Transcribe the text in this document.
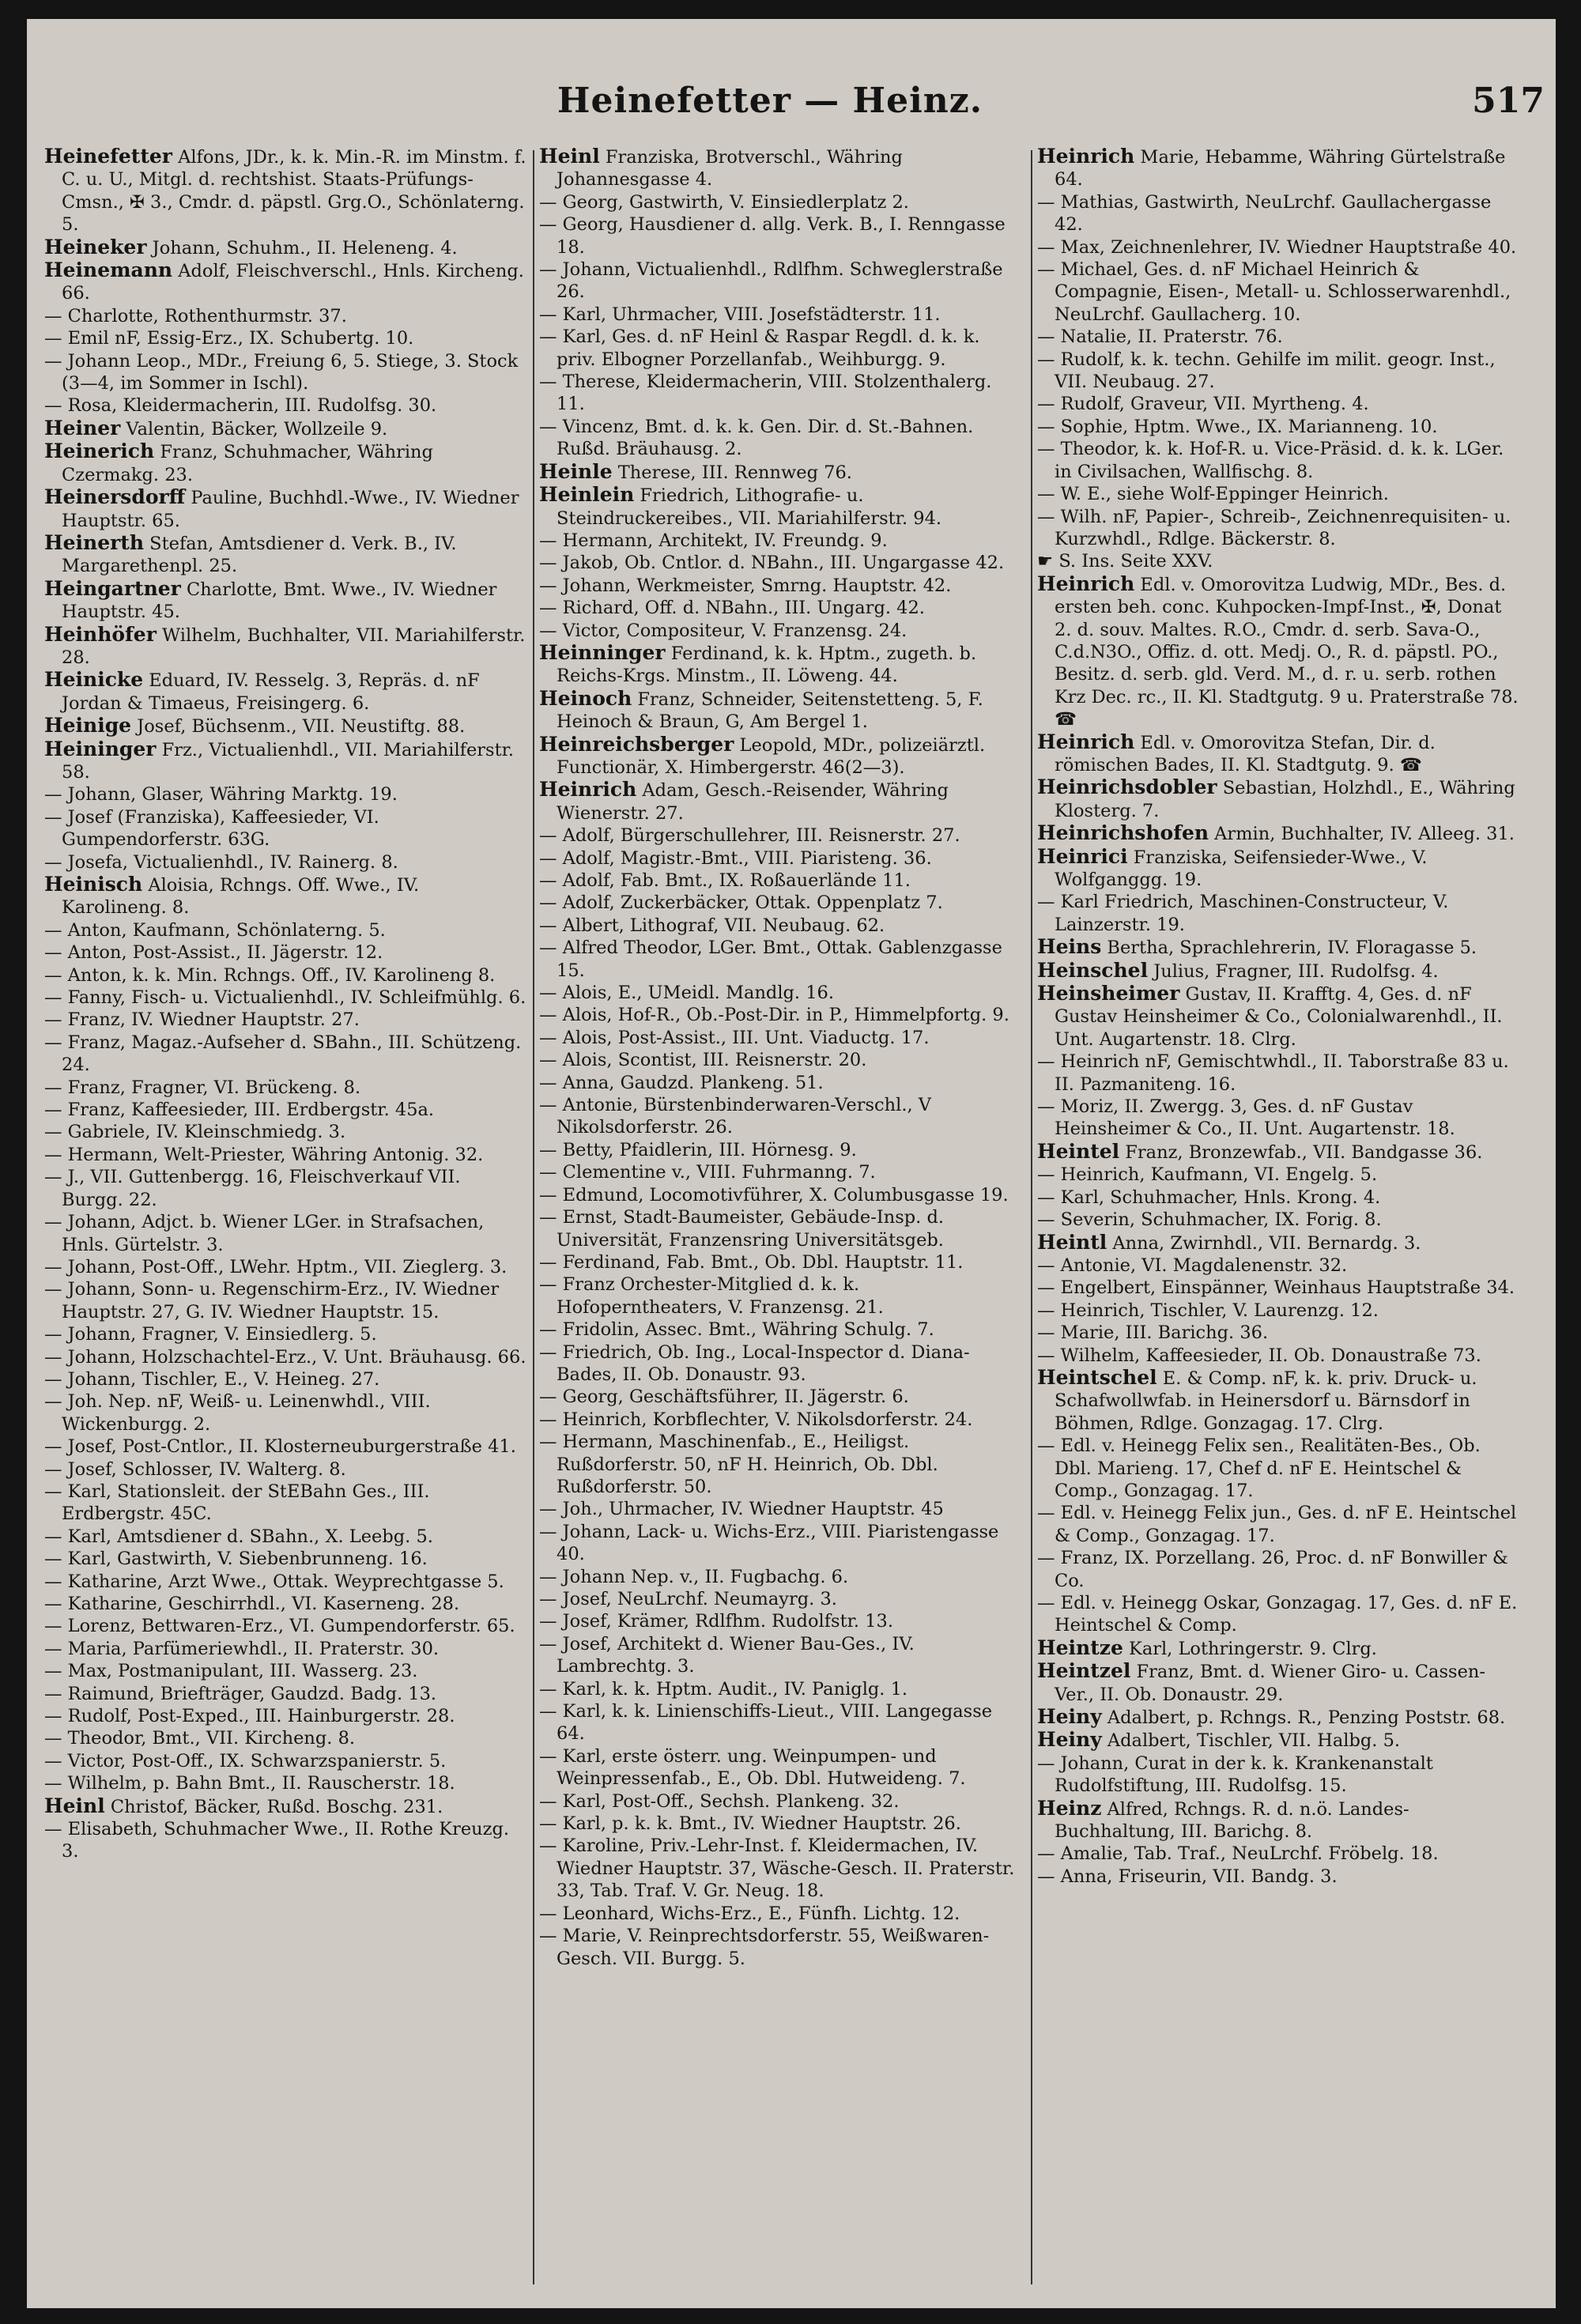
Heinefetter — Heinz.	517
Heinefetter Alfons, JDr., k. k. Min.-R. im Minstm. f. C. u. U., Mitgl. d. rechtshist. Staats-Prüfungs-Cmsn., ✠ 3., Cmdr. d. päpstl. Grg.O., Schönlaterng. 5.
Heineker Johann, Schuhm., II. Heleneng. 4.
Heinemann Adolf, Fleischverschl., Hnls. Kircheng. 66.
— Charlotte, Rothenthurmstr. 37.
— Emil nF, Essig-Erz., IX. Schubertg. 10.
— Johann Leop., MDr., Freiung 6, 5. Stiege, 3. Stock (3—4, im Sommer in Ischl).
— Rosa, Kleidermacherin, III. Rudolfsg. 30.
Heiner Valentin, Bäcker, Wollzeile 9.
Heinerich Franz, Schuhmacher, Währing Czermakg. 23.
Heinersdorff Pauline, Buchhdl.-Wwe., IV. Wiedner Hauptstr. 65.
Heinerth Stefan, Amtsdiener d. Verk. B., IV. Margarethenpl. 25.
Heingartner Charlotte, Bmt. Wwe., IV. Wiedner Hauptstr. 45.
Heinhöfer Wilhelm, Buchhalter, VII. Mariahilferstr. 28.
Heinicke Eduard, IV. Resselg. 3, Repräs. d. nF Jordan & Timaeus, Freisingerg. 6.
Heinige Josef, Büchsenm., VII. Neustiftg. 88.
Heininger Frz., Victualienhdl., VII. Mariahilferstr. 58.
— Johann, Glaser, Währing Marktg. 19.
— Josef (Franziska), Kaffeesieder, VI. Gumpendorferstr. 63G.
— Josefa, Victualienhdl., IV. Rainerg. 8.
Heinisch Aloisia, Rchngs. Off. Wwe., IV. Karolineng. 8.
— Anton, Kaufmann, Schönlaterng. 5.
— Anton, Post-Assist., II. Jägerstr. 12.
— Anton, k. k. Min. Rchngs. Off., IV. Karolineng 8.
— Fanny, Fisch- u. Victualienhdl., IV. Schleifmühlg. 6.
— Franz, IV. Wiedner Hauptstr. 27.
— Franz, Magaz.-Aufseher d. SBahn., III. Schützeng. 24.
— Franz, Fragner, VI. Brückeng. 8.
— Franz, Kaffeesieder, III. Erdbergstr. 45a.
— Gabriele, IV. Kleinschmiedg. 3.
— Hermann, Welt-Priester, Währing Antonig. 32.
— J., VII. Guttenbergg. 16, Fleischverkauf VII. Burgg. 22.
— Johann, Adjct. b. Wiener LGer. in Strafsachen, Hnls. Gürtelstr. 3.
— Johann, Post-Off., LWehr. Hptm., VII. Zieglerg. 3.
— Johann, Sonn- u. Regenschirm-Erz., IV. Wiedner Hauptstr. 27, G. IV. Wiedner Hauptstr. 15.
— Johann, Fragner, V. Einsiedlerg. 5.
— Johann, Holzschachtel-Erz., V. Unt. Bräuhausg. 66.
— Johann, Tischler, E., V. Heineg. 27.
— Joh. Nep. nF, Weiß- u. Leinenwhdl., VIII. Wickenburgg. 2.
— Josef, Post-Cntlor., II. Klosterneuburgerstraße 41.
— Josef, Schlosser, IV. Walterg. 8.
— Karl, Stationsleit. der StEBahn Ges., III. Erdbergstr. 45C.
— Karl, Amtsdiener d. SBahn., X. Leebg. 5.
— Karl, Gastwirth, V. Siebenbrunneng. 16.
— Katharine, Arzt Wwe., Ottak. Weyprechtgasse 5.
— Katharine, Geschirrhdl., VI. Kaserneng. 28.
— Lorenz, Bettwaren-Erz., VI. Gumpendorferstr. 65.
— Maria, Parfümeriewhdl., II. Praterstr. 30.
— Max, Postmanipulant, III. Wasserg. 23.
— Raimund, Briefträger, Gaudzd. Badg. 13.
— Rudolf, Post-Exped., III. Hainburgerstr. 28.
— Theodor, Bmt., VII. Kircheng. 8.
— Victor, Post-Off., IX. Schwarzspanierstr. 5.
— Wilhelm, p. Bahn Bmt., II. Rauscherstr. 18.
Heinl Christof, Bäcker, Rußd. Boschg. 231.
— Elisabeth, Schuhmacher Wwe., II. Rothe Kreuzg. 3.
Heinl Franziska, Brotverschl., Währing Johannesgasse 4.
— Georg, Gastwirth, V. Einsiedlerplatz 2.
— Georg, Hausdiener d. allg. Verk. B., I. Renngasse 18.
— Johann, Victualienhdl., Rdlfhm. Schweglerstraße 26.
— Karl, Uhrmacher, VIII. Josefstädterstr. 11.
— Karl, Ges. d. nF Heinl & Raspar Regdl. d. k. k. priv. Elbogner Porzellanfab., Weihburgg. 9.
— Therese, Kleidermacherin, VIII. Stolzenthalerg. 11.
— Vincenz, Bmt. d. k. k. Gen. Dir. d. St.-Bahnen. Rußd. Bräuhausg. 2.
Heinle Therese, III. Rennweg 76.
Heinlein Friedrich, Lithografie- u. Steindruckereibes., VII. Mariahilferstr. 94.
— Hermann, Architekt, IV. Freundg. 9.
— Jakob, Ob. Cntlor. d. NBahn., III. Ungargasse 42.
— Johann, Werkmeister, Smrng. Hauptstr. 42.
— Richard, Off. d. NBahn., III. Ungarg. 42.
— Victor, Compositeur, V. Franzensg. 24.
Heinninger Ferdinand, k. k. Hptm., zugeth. b. Reichs-Krgs. Minstm., II. Löweng. 44.
Heinoch Franz, Schneider, Seitenstetteng. 5, F. Heinoch & Braun, G, Am Bergel 1.
Heinreichsberger Leopold, MDr., polizeiärztl. Functionär, X. Himbergerstr. 46(2—3).
Heinrich Adam, Gesch.-Reisender, Währing Wienerstr. 27.
— Adolf, Bürgerschullehrer, III. Reisnerstr. 27.
— Adolf, Magistr.-Bmt., VIII. Piaristeng. 36.
— Adolf, Fab. Bmt., IX. Roßauerlände 11.
— Adolf, Zuckerbäcker, Ottak. Oppenplatz 7.
— Albert, Lithograf, VII. Neubaug. 62.
— Alfred Theodor, LGer. Bmt., Ottak. Gablenzgasse 15.
— Alois, E., UMeidl. Mandlg. 16.
— Alois, Hof-R., Ob.-Post-Dir. in P., Himmelpfortg. 9.
— Alois, Post-Assist., III. Unt. Viaductg. 17.
— Alois, Scontist, III. Reisnerstr. 20.
— Anna, Gaudzd. Plankeng. 51.
— Antonie, Bürstenbinderwaren-Verschl., V Nikolsdorferstr. 26.
— Betty, Pfaidlerin, III. Hörnesg. 9.
— Clementine v., VIII. Fuhrmanng. 7.
— Edmund, Locomotivführer, X. Columbusgasse 19.
— Ernst, Stadt-Baumeister, Gebäude-Insp. d. Universität, Franzensring Universitätsgeb.
— Ferdinand, Fab. Bmt., Ob. Dbl. Hauptstr. 11.
— Franz Orchester-Mitglied d. k. k. Hofoperntheaters, V. Franzensg. 21.
— Fridolin, Assec. Bmt., Währing Schulg. 7.
— Friedrich, Ob. Ing., Local-Inspector d. Diana-Bades, II. Ob. Donaustr. 93.
— Georg, Geschäftsführer, II. Jägerstr. 6.
— Heinrich, Korbflechter, V. Nikolsdorferstr. 24.
— Hermann, Maschinenfab., E., Heiligst. Rußdorferstr. 50, nF H. Heinrich, Ob. Dbl. Rußdorferstr. 50.
— Joh., Uhrmacher, IV. Wiedner Hauptstr. 45
— Johann, Lack- u. Wichs-Erz., VIII. Piaristengasse 40.
— Johann Nep. v., II. Fugbachg. 6.
— Josef, NeuLrchf. Neumayrg. 3.
— Josef, Krämer, Rdlfhm. Rudolfstr. 13.
— Josef, Architekt d. Wiener Bau-Ges., IV. Lambrechtg. 3.
— Karl, k. k. Hptm. Audit., IV. Paniglg. 1.
— Karl, k. k. Linienschiffs-Lieut., VIII. Langegasse 64.
— Karl, erste österr. ung. Weinpumpen- und Weinpressenfab., E., Ob. Dbl. Hutweideng. 7.
— Karl, Post-Off., Sechsh. Plankeng. 32.
— Karl, p. k. k. Bmt., IV. Wiedner Hauptstr. 26.
— Karoline, Priv.-Lehr-Inst. f. Kleidermachen, IV. Wiedner Hauptstr. 37, Wäsche-Gesch. II. Praterstr. 33, Tab. Traf. V. Gr. Neug. 18.
— Leonhard, Wichs-Erz., E., Fünfh. Lichtg. 12.
— Marie, V. Reinprechtsdorferstr. 55, Weißwaren-Gesch. VII. Burgg. 5.
Heinrich Marie, Hebamme, Währing Gürtelstraße 64.
— Mathias, Gastwirth, NeuLrchf. Gaullachergasse 42.
— Max, Zeichnenlehrer, IV. Wiedner Hauptstraße 40.
— Michael, Ges. d. nF Michael Heinrich & Compagnie, Eisen-, Metall- u. Schlosserwarenhdl., NeuLrchf. Gaullacherg. 10.
— Natalie, II. Praterstr. 76.
— Rudolf, k. k. techn. Gehilfe im milit. geogr. Inst., VII. Neubaug. 27.
— Rudolf, Graveur, VII. Myrtheng. 4.
— Sophie, Hptm. Wwe., IX. Marianneng. 10.
— Theodor, k. k. Hof-R. u. Vice-Präsid. d. k. k. LGer. in Civilsachen, Wallfischg. 8.
— W. E., siehe Wolf-Eppinger Heinrich.
— Wilh. nF, Papier-, Schreib-, Zeichnenrequisiten- u. Kurzwhdl., Rdlge. Bäckerstr. 8.
☛ S. Ins. Seite XXV.
Heinrich Edl. v. Omorovitza Ludwig, MDr., Bes. d. ersten beh. conc. Kuhpocken-Impf-Inst., ✠, Donat 2. d. souv. Maltes. R.O., Cmdr. d. serb. Sava-O., C.d.N3O., Offiz. d. ott. Medj. O., R. d. päpstl. PO., Besitz. d. serb. gld. Verd. M., d. r. u. serb. rothen Krz Dec. rc., II. Kl. Stadtgutg. 9 u. Praterstraße 78. ☎
Heinrich Edl. v. Omorovitza Stefan, Dir. d. römischen Bades, II. Kl. Stadtgutg. 9. ☎
Heinrichsdobler Sebastian, Holzhdl., E., Währing Klosterg. 7.
Heinrichshofen Armin, Buchhalter, IV. Alleeg. 31.
Heinrici Franziska, Seifensieder-Wwe., V. Wolfganggg. 19.
— Karl Friedrich, Maschinen-Constructeur, V. Lainzerstr. 19.
Heins Bertha, Sprachlehrerin, IV. Floragasse 5.
Heinschel Julius, Fragner, III. Rudolfsg. 4.
Heinsheimer Gustav, II. Krafftg. 4, Ges. d. nF Gustav Heinsheimer & Co., Colonialwarenhdl., II. Unt. Augartenstr. 18. Clrg.
— Heinrich nF, Gemischtwhdl., II. Taborstraße 83 u. II. Pazmaniteng. 16.
— Moriz, II. Zwergg. 3, Ges. d. nF Gustav Heinsheimer & Co., II. Unt. Augartenstr. 18.
Heintel Franz, Bronzewfab., VII. Bandgasse 36.
— Heinrich, Kaufmann, VI. Engelg. 5.
— Karl, Schuhmacher, Hnls. Krong. 4.
— Severin, Schuhmacher, IX. Forig. 8.
Heintl Anna, Zwirnhdl., VII. Bernardg. 3.
— Antonie, VI. Magdalenenstr. 32.
— Engelbert, Einspänner, Weinhaus Hauptstraße 34.
— Heinrich, Tischler, V. Laurenzg. 12.
— Marie, III. Barichg. 36.
— Wilhelm, Kaffeesieder, II. Ob. Donaustraße 73.
Heintschel E. & Comp. nF, k. k. priv. Druck- u. Schafwollwfab. in Heinersdorf u. Bärnsdorf in Böhmen, Rdlge. Gonzagag. 17. Clrg.
— Edl. v. Heinegg Felix sen., Realitäten-Bes., Ob. Dbl. Marieng. 17, Chef d. nF E. Heintschel & Comp., Gonzagag. 17.
— Edl. v. Heinegg Felix jun., Ges. d. nF E. Heintschel & Comp., Gonzagag. 17.
— Franz, IX. Porzellang. 26, Proc. d. nF Bonwiller & Co.
— Edl. v. Heinegg Oskar, Gonzagag. 17, Ges. d. nF E. Heintschel & Comp.
Heintze Karl, Lothringerstr. 9. Clrg.
Heintzel Franz, Bmt. d. Wiener Giro- u. Cassen-Ver., II. Ob. Donaustr. 29.
Heiny Adalbert, p. Rchngs. R., Penzing Poststr. 68.
Heiny Adalbert, Tischler, VII. Halbg. 5.
— Johann, Curat in der k. k. Krankenanstalt Rudolfstiftung, III. Rudolfsg. 15.
Heinz Alfred, Rchngs. R. d. n.ö. Landes-Buchhaltung, III. Barichg. 8.
— Amalie, Tab. Traf., NeuLrchf. Fröbelg. 18.
— Anna, Friseurin, VII. Bandg. 3.
